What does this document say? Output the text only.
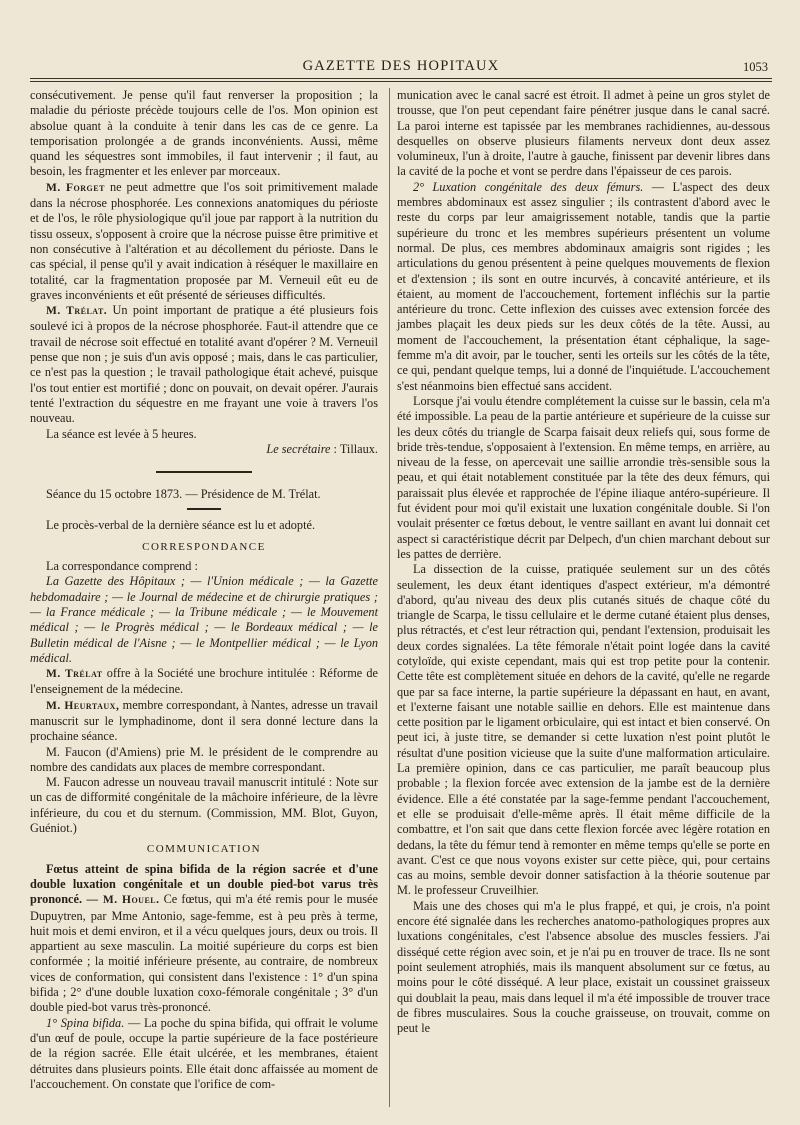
GAZETTE DES HOPITAUX	1053

consécutivement. Je pense qu'il faut renverser la proposition ; la maladie du périoste précède toujours celle de l'os. Mon opinion est absolue quant à la conduite à tenir dans les cas de ce genre. La temporisation prolongée a de grands inconvénients. Aussi, même quand les séquestres sont immobiles, il faut intervenir ; il faut, au besoin, les fragmenter et les enlever par morceaux.

M. Forget ne peut admettre que l'os soit primitivement malade dans la nécrose phosphorée. Les connexions anatomiques du périoste et de l'os, le rôle physiologique qu'il joue par rapport à la nutrition du tissu osseux, s'opposent à croire que la nécrose puisse être primitive et non consécutive à l'altération et au décollement du périoste. Dans le cas spécial, il pense qu'il y avait indication à réséquer le maxillaire en totalité, car la fragmentation proposée par M. Verneuil eût eu de graves inconvénients et eût présenté de sérieuses difficultés.

M. Trélat. Un point important de pratique a été plusieurs fois soulevé ici à propos de la nécrose phosphorée. Faut-il attendre que ce travail de nécrose soit effectué en totalité avant d'opérer ? M. Verneuil pense que non ; je suis d'un avis opposé ; mais, dans le cas particulier, ce n'est pas la question ; le travail pathologique était achevé, puisque l'os tout entier est mortifié ; donc on pouvait, on devait opérer. J'aurais tenté l'extraction du séquestre en me frayant une voie à travers l'os nouveau.

La séance est levée à 5 heures.

Le secrétaire : Tillaux.

Séance du 15 octobre 1873. — Présidence de M. Trélat.

Le procès-verbal de la dernière séance est lu et adopté.

CORRESPONDANCE

La correspondance comprend :

La Gazette des Hôpitaux ; — l'Union médicale ; — la Gazette hebdomadaire ; — le Journal de médecine et de chirurgie pratiques ; — la France médicale ; — la Tribune médicale ; — le Mouvement médical ; — le Progrès médical ; — le Bordeaux médical ; — le Bulletin médical de l'Aisne ; — le Montpellier médical ; — le Lyon médical.

M. Trélat offre à la Société une brochure intitulée : Réforme de l'enseignement de la médecine.

M. Heurtaux, membre correspondant, à Nantes, adresse un travail manuscrit sur le lymphadinome, dont il sera donné lecture dans la prochaine séance.

M. Faucon (d'Amiens) prie M. le président de le comprendre au nombre des candidats aux places de membre correspondant.

M. Faucon adresse un nouveau travail manuscrit intitulé : Note sur un cas de difformité congénitale de la mâchoire inférieure, de la lèvre inférieure, du cou et du sternum. (Commission, MM. Blot, Guyon, Guéniot.)

COMMUNICATION

Fœtus atteint de spina bifida de la région sacrée et d'une double luxation congénitale et un double pied-bot varus très prononcé. — M. Houel. Ce fœtus, qui m'a été remis pour le musée Dupuytren, par Mme Antonio, sage-femme, est à peu près à terme, huit mois et demi environ, et il a vécu quelques jours, deux ou trois. Il appartient au sexe masculin. La moitié supérieure du corps est bien conformée ; la moitié inférieure présente, au contraire, de nombreux vices de conformation, qui consistent dans l'existence : 1° d'un spina bifida ; 2° d'une double luxation coxo-fémorale congénitale ; 3° d'un double pied-bot varus très-prononcé.

1° Spina bifida. — La poche du spina bifida, qui offrait le volume d'un œuf de poule, occupe la partie supérieure de la face postérieure de la région sacrée. Elle était ulcérée, et les membranes, étaient détruites dans plusieurs points. Elle était donc affaissée au moment de l'accouchement. On constate que l'orifice de com-

munication avec le canal sacré est étroit. Il admet à peine un gros stylet de trousse, que l'on peut cependant faire pénétrer jusque dans le canal sacré. La paroi interne est tapissée par les membranes rachidiennes, au-dessous desquelles on observe plusieurs filaments nerveux dont deux assez volumineux, l'un à droite, l'autre à gauche, finissent par devenir libres dans la cavité de la poche et vont se perdre dans l'épaisseur de ces parois.

2° Luxation congénitale des deux fémurs. — L'aspect des deux membres abdominaux est assez singulier ; ils contrastent d'abord avec le reste du corps par leur amaigrissement notable, tandis que la partie supérieure du tronc et les membres supérieurs présentent un volume normal. De plus, ces membres abdominaux amaigris sont rigides ; les articulations du genou présentent à peine quelques mouvements de flexion et d'extension ; ils sont en outre incurvés, à concavité antérieure, et ils étaient, au moment de l'accouchement, fortement infléchis sur la partie antérieure du tronc. Cette inflexion des cuisses avec extension forcée des jambes plaçait les deux pieds sur les deux côtés de la tête. Aussi, au moment de l'accouchement, la présentation étant céphalique, la sage-femme m'a dit avoir, par le toucher, senti les orteils sur les côtés de la tête, ce qui, pendant quelque temps, lui a donné de l'inquiétude. L'accouchement s'est néanmoins bien effectué sans accident.

Lorsque j'ai voulu étendre complétement la cuisse sur le bassin, cela m'a été impossible. La peau de la partie antérieure et supérieure de la cuisse sur les deux côtés du triangle de Scarpa faisait deux reliefs qui, sous forme de bride très-tendue, s'opposaient à l'extension. En même temps, en arrière, au niveau de la fesse, on apercevait une saillie arrondie très-sensible sous la peau, et qui était notablement constituée par la tête des deux fémurs, qui paraissait plus élevée et rapprochée de l'épine iliaque antéro-supérieure. Il fut évident pour moi qu'il existait une luxation congénitale double. Si l'on voulait présenter ce fœtus debout, le ventre saillant en avant lui donnait cet aspect si caractéristique décrit par Delpech, d'un chien marchant debout sur les pattes de derrière.

La dissection de la cuisse, pratiquée seulement sur un des côtés seulement, les deux étant identiques d'aspect extérieur, m'a démontré d'abord, qu'au niveau des deux plis cutanés situés de chaque côté du triangle de Scarpa, le tissu cellulaire et le derme cutané étaient plus denses, plus rétractés, et c'est leur rétraction qui, pendant l'extension, produisait les deux cordes signalées. La tête fémorale n'était point logée dans la cavité cotyloïde, qui existe cependant, mais qui est trop petite pour la contenir. Cette tête est complètement située en dehors de la cavité, qu'elle ne regarde que par sa face interne, la partie supérieure la dépassant en haut, en avant, et l'externe faisant une notable saillie en dehors. Elle est maintenue dans cette position par le ligament orbiculaire, qui est intact et bien conservé. On peut ici, à juste titre, se demander si cette luxation n'est point plutôt le résultat d'une position vicieuse que la suite d'une malformation articulaire. La première opinion, dans ce cas particulier, me paraît beaucoup plus probable ; la flexion forcée avec extension de la jambe est de la dernière évidence. Elle a été constatée par la sage-femme pendant l'accouchement, et elle se produisait d'elle-même après. Il était même difficile de la combattre, et l'on sait que dans cette flexion forcée avec légère rotation en dedans, la tête du fémur tend à remonter en même temps qu'elle se porte en avant. C'est ce que nous voyons exister sur cette pièce, qui, pour certains cas au moins, semble devoir donner satisfaction à la théorie soutenue par M. le professeur Cruveilhier.

Mais une des choses qui m'a le plus frappé, et qui, je crois, n'a point encore été signalée dans les recherches anatomo-pathologiques propres aux luxations congénitales, c'est l'absence absolue des muscles fessiers. J'ai disséqué cette région avec soin, et je n'ai pu en trouver de trace. Ils ne sont point seulement atrophiés, mais ils manquent absolument sur ce fœtus, au moins pour le côté disséqué. A leur place, existait un coussinet graisseux qui doublait la peau, mais dans lequel il m'a été impossible de trouver trace de fibres musculaires. Sous la couche graisseuse, on trouvait, comme on peut le
